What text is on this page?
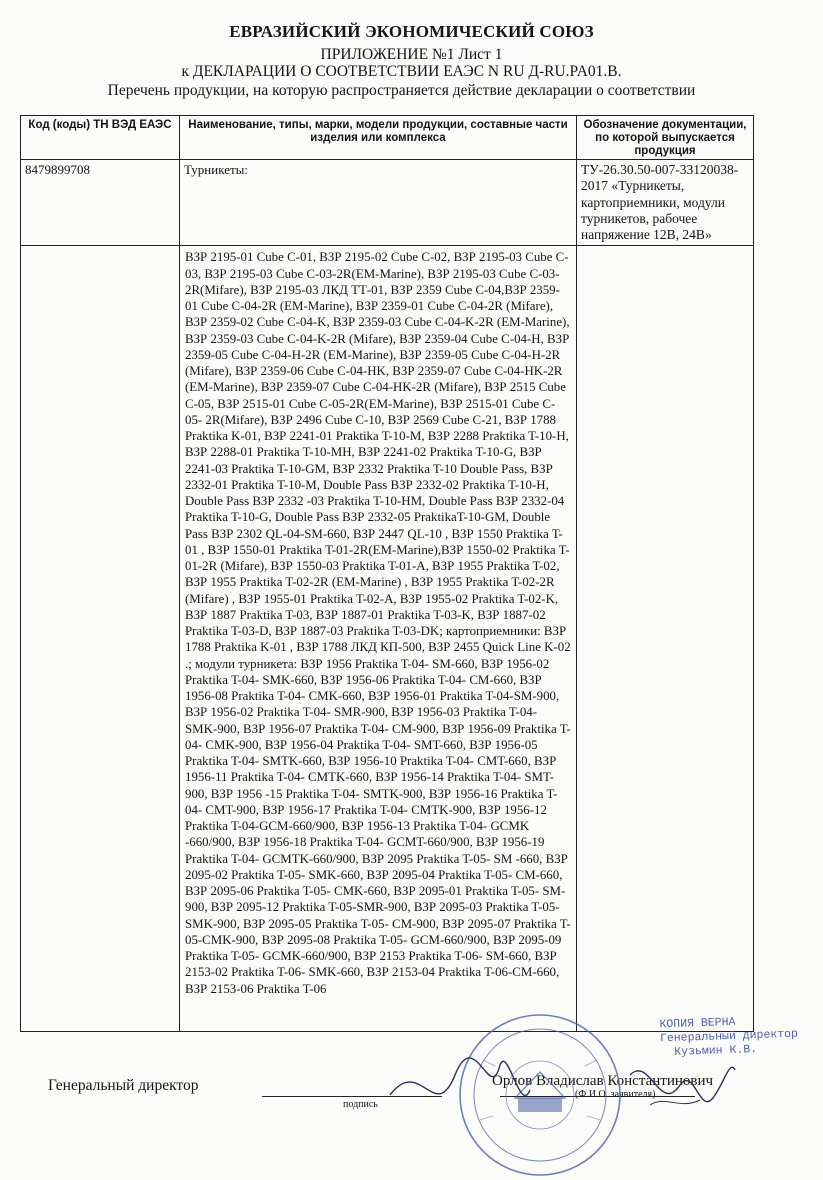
ЕВРАЗИЙСКИЙ ЭКОНОМИЧЕСКИЙ СОЮЗ
ПРИЛОЖЕНИЕ №1 Лист 1
к ДЕКЛАРАЦИИ О СООТВЕТСТВИИ ЕАЭС N RU Д-RU.PA01.B.
Перечень продукции, на которую распространяется действие декларации о соответствии
Код (коды) ТН ВЭД ЕАЭС	Наименование, типы, марки, модели продукции, составные части изделия или комплекса	Обозначение документации, по которой выпускается продукция
8479899708	Турникеты:	ТУ-26.30.50-007-33120038-2017 «Турникеты, картоприемники, модули турникетов, рабочее напряжение 12В, 24В»
	ВЗР 2195-01 Cube C-01, ВЗР 2195-02 Cube C-02, ВЗР 2195-03 Cube C-03, ВЗР 2195-03 Cube C-03-2R(EM-Marine), ВЗР 2195-03 Cube C-03-2R(Mifare), ВЗР 2195-03 ЛКД ТТ-01, ВЗР 2359 Cube C-04,ВЗР 2359-01 Cube C-04-2R (EM-Marine), ВЗР 2359-01 Cube C-04-2R (Mifare), ВЗР 2359-02 Cube C-04-K, ВЗР 2359-03 Cube C-04-K-2R (EM-Marine), ВЗР 2359-03 Cube C-04-K-2R (Mifare), ВЗР 2359-04 Cube C-04-H, ВЗР 2359-05 Cube C-04-H-2R (EM-Marine), ВЗР 2359-05 Cube C-04-H-2R (Mifare), ВЗР 2359-06 Cube C-04-HK, ВЗР 2359-07 Cube C-04-HK-2R (EM-Marine), ВЗР 2359-07 Cube C-04-HK-2R (Mifare), ВЗР 2515 Cube C-05, ВЗР 2515-01 Cube C-05-2R(EM-Marine), ВЗР 2515-01 Cube C-05- 2R(Mifare), ВЗР 2496 Cube C-10, ВЗР 2569 Cube C-21, ВЗР 1788 Praktika K-01, ВЗР 2241-01 Praktika T-10-M, ВЗР 2288 Praktika T-10-H, ВЗР 2288-01 Praktika T-10-MH, ВЗР 2241-02 Praktika T-10-G, ВЗР 2241-03 Praktika T-10-GM, ВЗР 2332 Praktika T-10 Double Pass, ВЗР 2332-01 Praktika T-10-M, Double Pass ВЗР 2332-02 Praktika T-10-H, Double Pass ВЗР 2332 -03 Praktika T-10-HM, Double Pass ВЗР 2332-04 Praktika T-10-G, Double Pass ВЗР 2332-05 PraktikaT-10-GM, Double Pass ВЗР 2302 QL-04-SM-660, ВЗР 2447 QL-10 , ВЗР 1550 Praktika T-01 , ВЗР 1550-01 Praktika T-01-2R(EM-Marine),ВЗР 1550-02 Praktika T-01-2R (Mifare), ВЗР 1550-03 Praktika T-01-A, ВЗР 1955 Praktika T-02, ВЗР 1955 Praktika T-02-2R (EM-Marine) , ВЗР 1955 Praktika T-02-2R (Mifare) , ВЗР 1955-01 Praktika T-02-A, ВЗР 1955-02 Praktika T-02-K, ВЗР 1887 Praktika T-03, ВЗР 1887-01 Praktika T-03-K, ВЗР 1887-02 Praktika T-03-D, ВЗР 1887-03 Praktika T-03-DK; картоприемники: ВЗР 1788 Praktika K-01 , ВЗР 1788 ЛКД КП-500, ВЗР 2455 Quick Line K-02 .; модули турникета: ВЗР 1956 Praktika T-04- SM-660, ВЗР 1956-02 Praktika T-04- SMK-660, ВЗР 1956-06 Praktika T-04- CM-660, ВЗР 1956-08 Praktika T-04- CMK-660, ВЗР 1956-01 Praktika T-04-SM-900, ВЗР 1956-02 Praktika T-04- SMR-900, ВЗР 1956-03 Praktika T-04- SMK-900, ВЗР 1956-07 Praktika T-04- CM-900, ВЗР 1956-09 Praktika T-04- CMK-900, ВЗР 1956-04 Praktika T-04- SMT-660, ВЗР 1956-05 Praktika T-04- SMTK-660, ВЗР 1956-10 Praktika T-04- CMT-660, ВЗР 1956-11 Praktika T-04- CMTK-660, ВЗР 1956-14 Praktika T-04- SMT-900, ВЗР 1956 -15 Praktika T-04- SMTK-900, ВЗР 1956-16 Praktika T-04- CMT-900, ВЗР 1956-17 Praktika T-04- CMTK-900, ВЗР 1956-12 Praktika T-04-GCM-660/900, ВЗР 1956-13 Praktika T-04- GCMK -660/900, ВЗР 1956-18 Praktika T-04- GCMT-660/900, ВЗР 1956-19 Praktika T-04- GCMTK-660/900, ВЗР 2095 Praktika T-05- SM -660, ВЗР 2095-02 Praktika T-05- SMK-660, ВЗР 2095-04 Praktika T-05- CM-660, ВЗР 2095-06 Praktika T-05- CMK-660, ВЗР 2095-01 Praktika T-05- SM-900, ВЗР 2095-12 Praktika T-05-SMR-900, ВЗР 2095-03 Praktika T-05-SMK-900, ВЗР 2095-05 Praktika T-05- CM-900, ВЗР 2095-07 Praktika T-05-CMK-900, ВЗР 2095-08 Praktika T-05- GCM-660/900, ВЗР 2095-09 Praktika T-05- GCMK-660/900, ВЗР 2153 Praktika T-06- SM-660, ВЗР 2153-02 Praktika T-06- SMK-660, ВЗР 2153-04 Praktika T-06-CM-660, ВЗР 2153-06 Praktika T-06	
Генеральный директор
подпись
(Ф.И.О. заявителя)
Орлов Владислав Константинович
КОПИЯ ВЕРНА
Генеральный директор
Кузьмин К.В.
